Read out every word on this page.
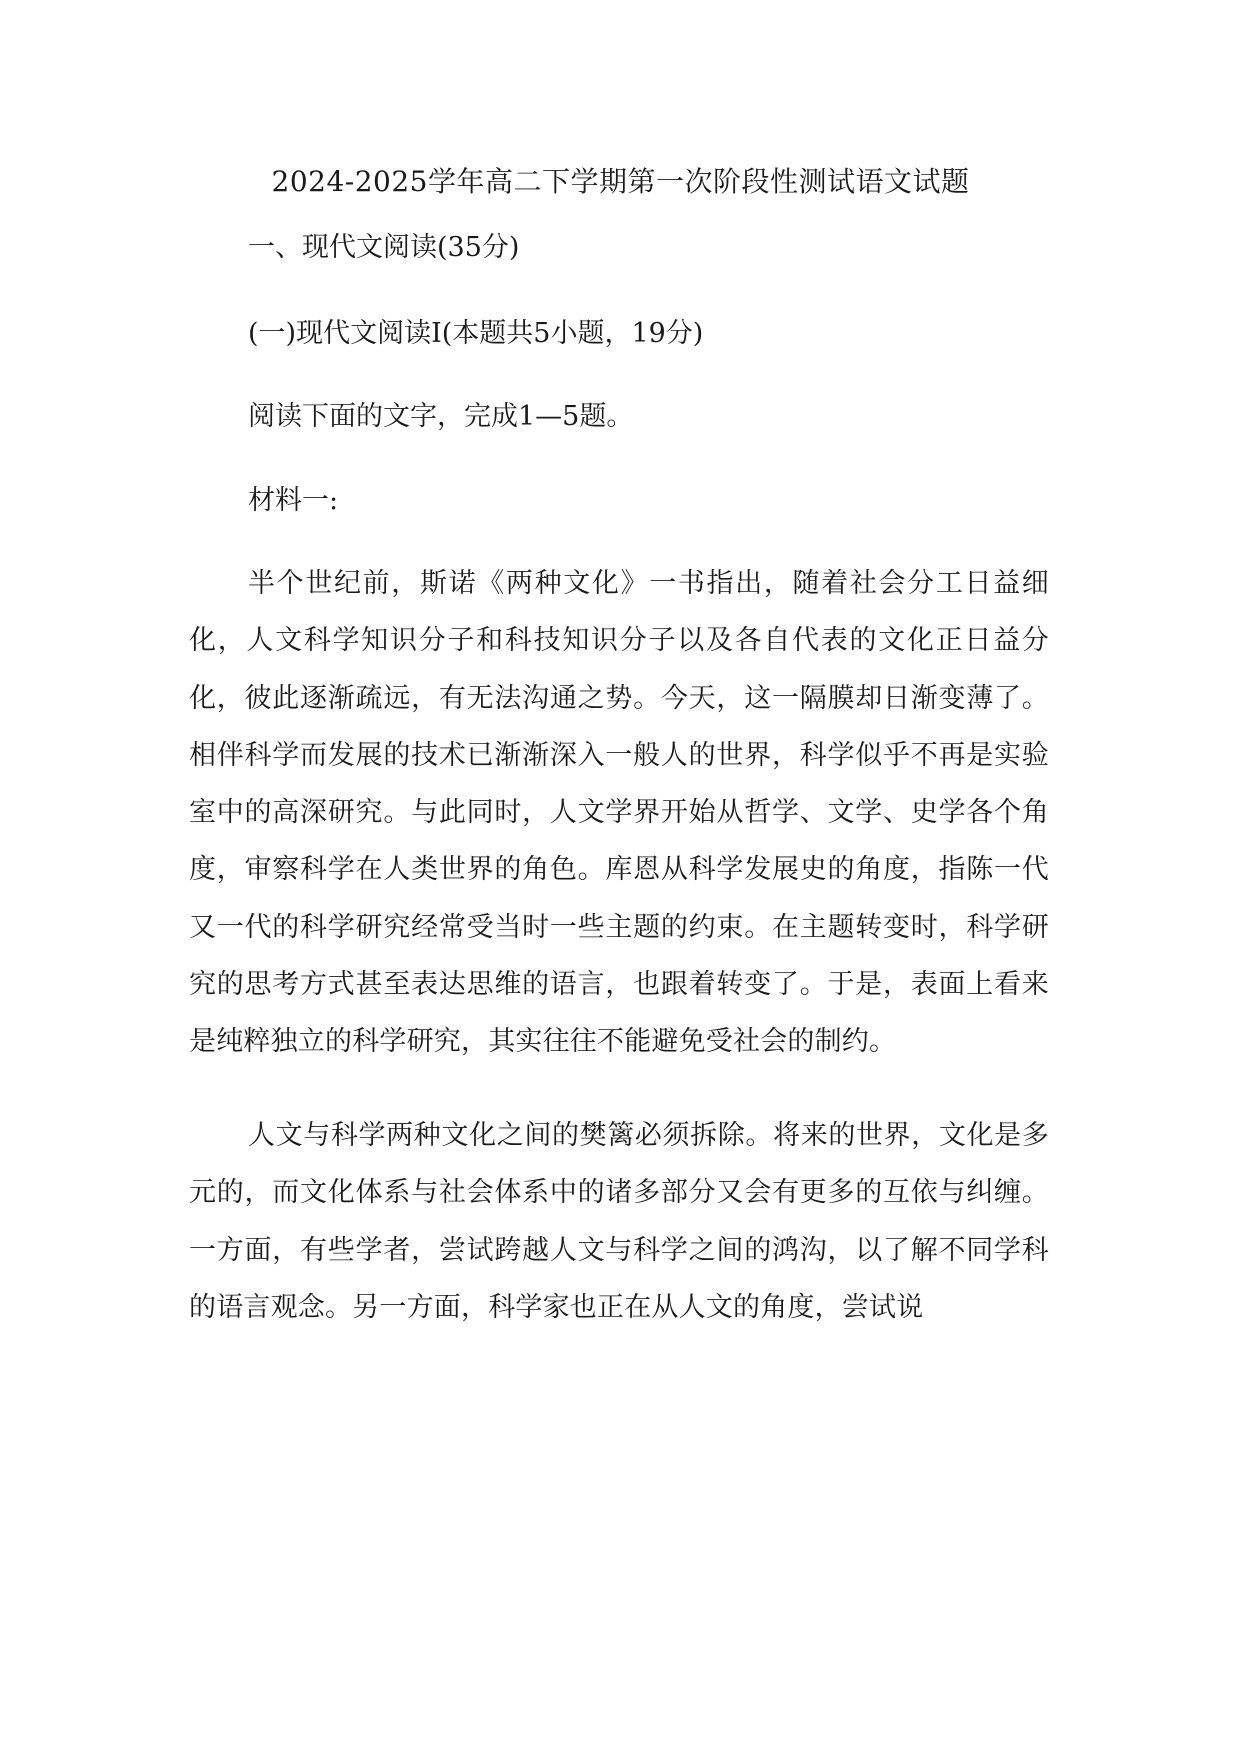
2024-2025学年高二下学期第一次阶段性测试语文试题
一、现代文阅读(35分)
(一)现代文阅读Ⅰ(本题共5小题，19分)
阅读下面的文字，完成1—5题。
材料一:
半个世纪前，斯诺《两种文化》一书指出，随着社会分工日益细化，人文科学知识分子和科技知识分子以及各自代表的文化正日益分化，彼此逐渐疏远，有无法沟通之势。今天，这一隔膜却日渐变薄了。相伴科学而发展的技术已渐渐深入一般人的世界，科学似乎不再是实验室中的高深研究。与此同时，人文学界开始从哲学、文学、史学各个角度，审察科学在人类世界的角色。库恩从科学发展史的角度，指陈一代又一代的科学研究经常受当时一些主题的约束。在主题转变时，科学研究的思考方式甚至表达思维的语言，也跟着转变了。于是，表面上看来是纯粹独立的科学研究，其实往往不能避免受社会的制约。
人文与科学两种文化之间的樊篱必须拆除。将来的世界，文化是多元的，而文化体系与社会体系中的诸多部分又会有更多的互依与纠缠。一方面，有些学者，尝试跨越人文与科学之间的鸿沟，以了解不同学科的语言观念。另一方面，科学家也正在从人文的角度，尝试说
